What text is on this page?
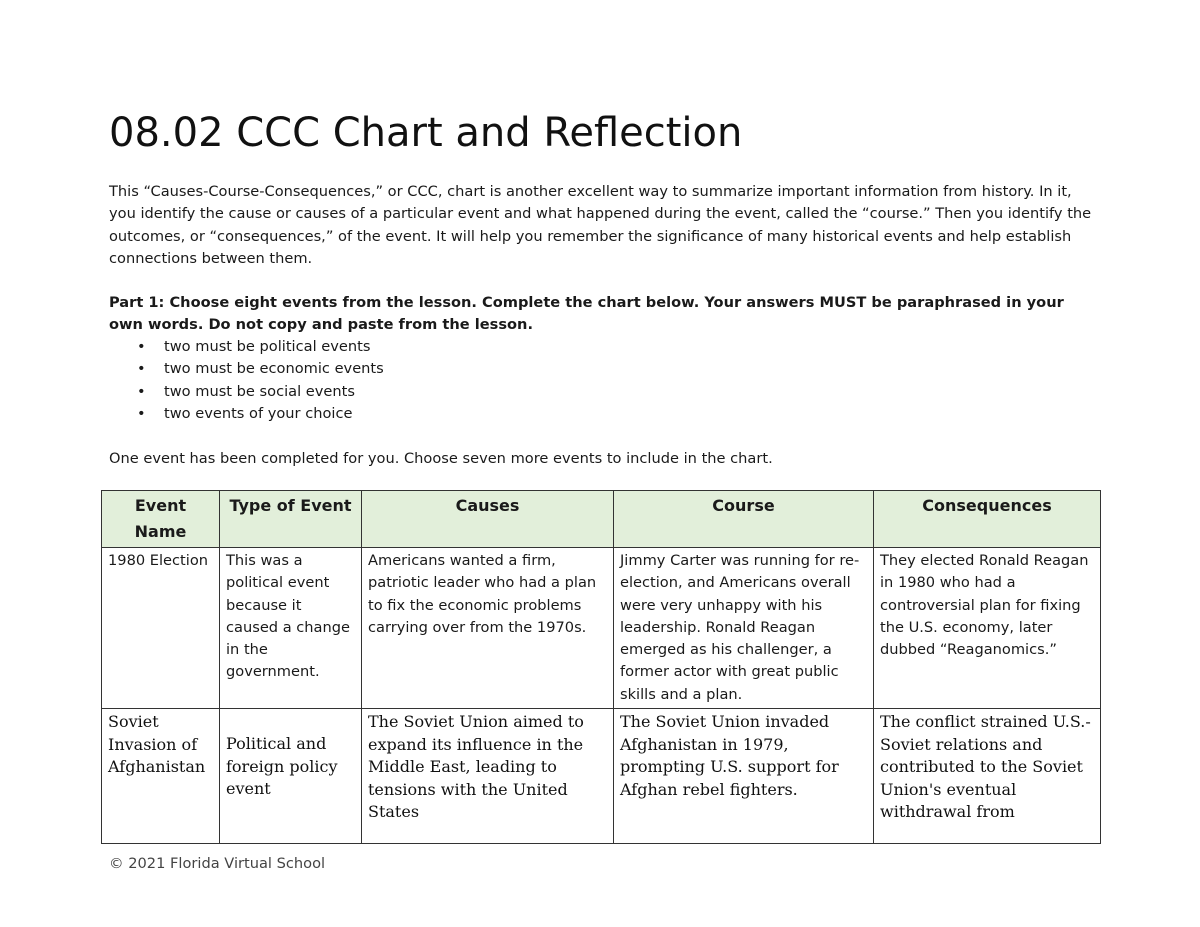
08.02 CCC Chart and Reflection

This “Causes-Course-Consequences,” or CCC, chart is another excellent way to summarize important information from history. In it, you identify the cause or causes of a particular event and what happened during the event, called the “course.” Then you identify the outcomes, or “consequences,” of the event. It will help you remember the significance of many historical events and help establish connections between them.

Part 1: Choose eight events from the lesson. Complete the chart below. Your answers MUST be paraphrased in your own words. Do not copy and paste from the lesson.

• two must be political events
• two must be economic events
• two must be social events
• two events of your choice

One event has been completed for you. Choose seven more events to include in the chart.

Event Name	Type of Event	Causes	Course	Consequences
1980 Election	This was a political event because it caused a change in the government.	Americans wanted a firm, patriotic leader who had a plan to fix the economic problems carrying over from the 1970s.	Jimmy Carter was running for re-election, and Americans overall were very unhappy with his leadership. Ronald Reagan emerged as his challenger, a former actor with great public skills and a plan.	They elected Ronald Reagan in 1980 who had a controversial plan for fixing the U.S. economy, later dubbed “Reaganomics.”
Soviet Invasion of Afghanistan	Political and foreign policy event	The Soviet Union aimed to expand its influence in the Middle East, leading to tensions with the United States	The Soviet Union invaded Afghanistan in 1979, prompting U.S. support for Afghan rebel fighters.	The conflict strained U.S.-Soviet relations and contributed to the Soviet Union's eventual withdrawal from

© 2021 Florida Virtual School
